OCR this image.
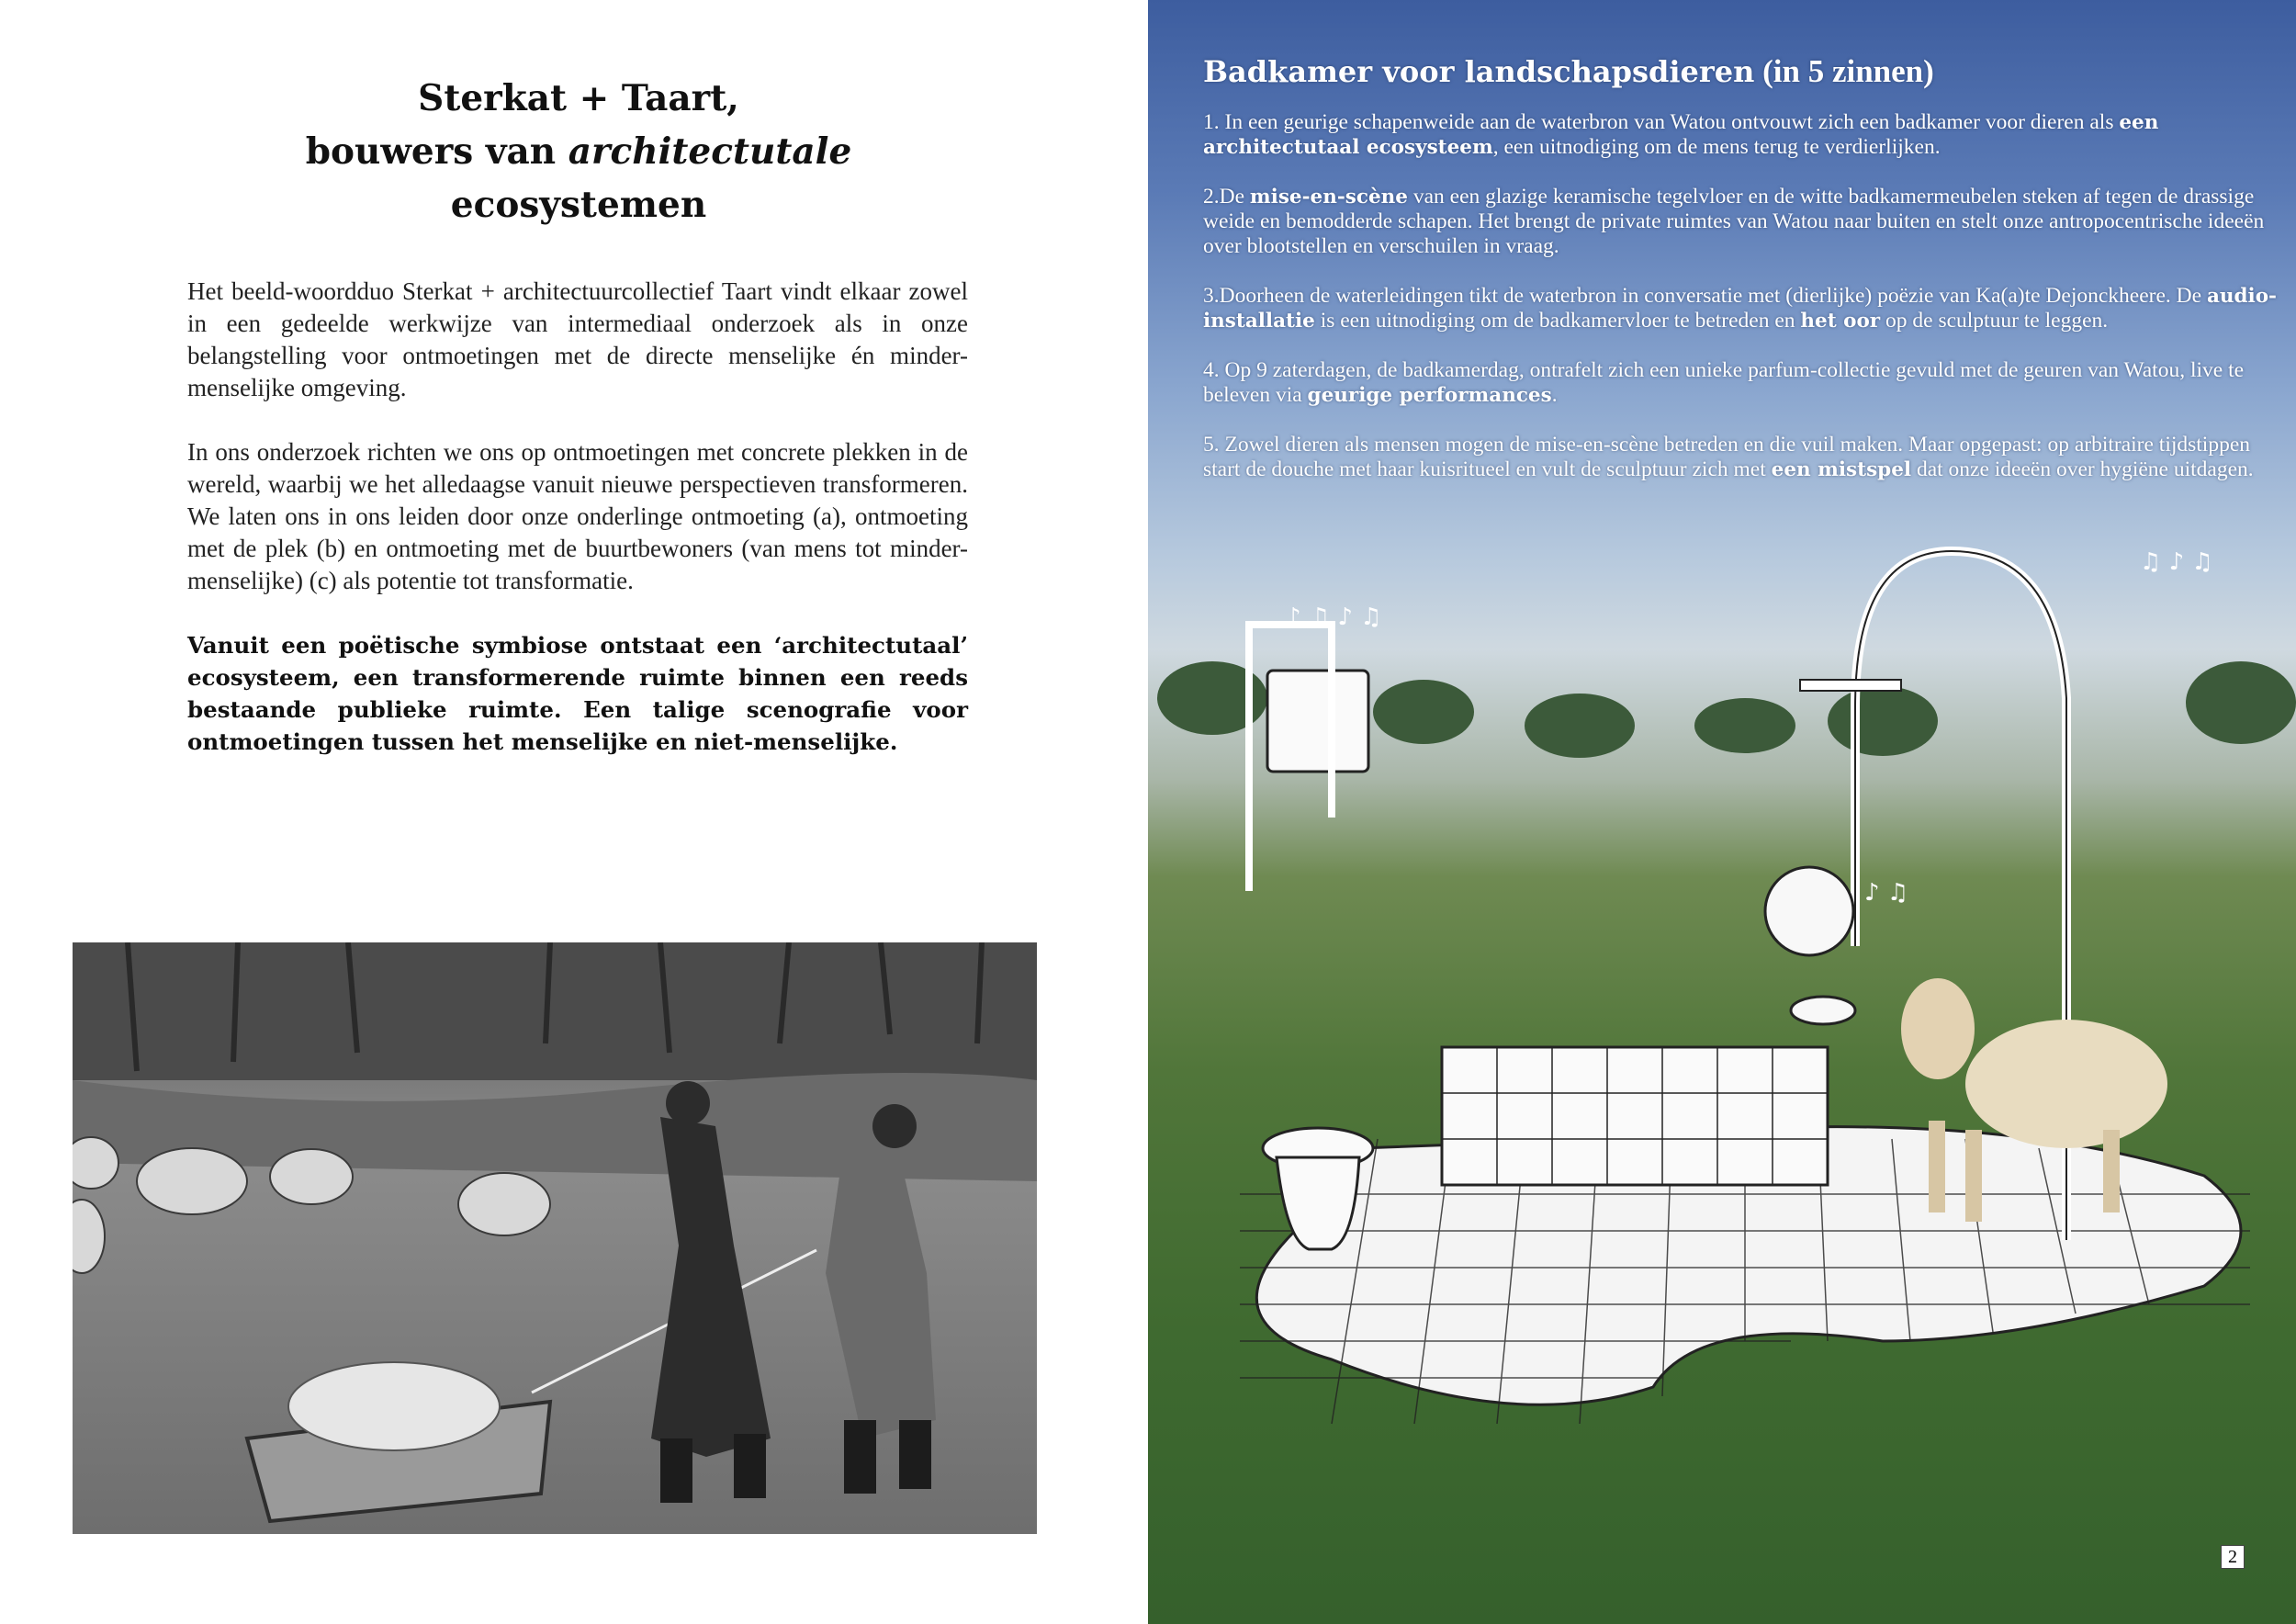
Sterkat + Taart,
bouwers van architectutale ecosystemen

Het beeld-woordduo Sterkat + architectuurcollectief Taart vindt elkaar zowel in een gedeelde werkwijze van intermediaal onderzoek als in onze belangstelling voor ontmoetingen met de directe menselijke én minder-menselijke omgeving.

In ons onderzoek richten we ons op ontmoetingen met concrete plekken in de wereld, waarbij we het alledaagse vanuit nieuwe perspectieven transformeren. We laten ons in ons leiden door onze onderlinge ontmoeting (a), ontmoeting met de plek (b) en ontmoeting met de buurtbewoners (van mens tot minder-menselijke) (c) als potentie tot transformatie.

Vanuit een poëtische symbiose ontstaat een ‘architectutaal’ ecosysteem, een transformerende ruimte binnen een reeds bestaande publieke ruimte. Een talige scenografie voor ontmoetingen tussen het menselijke en niet-menselijke.

Badkamer voor landschapsdieren (in 5 zinnen)

1. In een geurige schapenweide aan de waterbron van Watou ontvouwt zich een badkamer voor dieren als een architectutaal ecosysteem, een uitnodiging om de mens terug te verdierlijken.

2.De mise-en-scène van een glazige keramische tegelvloer en de witte badkamermeubelen steken af tegen de drassige weide en bemodderde schapen. Het brengt de private ruimtes van Watou naar buiten en stelt onze antropocentrische ideeën over blootstellen en verschuilen in vraag.

3.Doorheen de waterleidingen tikt de waterbron in conversatie met (dierlijke) poëzie van Ka(a)te Dejonckheere. De audio-installatie is een uitnodiging om de badkamervloer te betreden en het oor op de sculptuur te leggen.

4. Op 9 zaterdagen, de badkamerdag, ontrafelt zich een unieke parfum-collectie gevuld met de geuren van Watou, live te beleven via geurige performances.

5. Zowel dieren als mensen mogen de mise-en-scène betreden en die vuil maken. Maar opgepast: op arbitraire tijdstippen start de douche met haar kuisritueel en vult de sculptuur zich met een mistspel dat onze ideeën over hygiëne uitdagen.

♪ ♫ ♪ ♫
♫ ♪ ♫
♪ ♫
2
